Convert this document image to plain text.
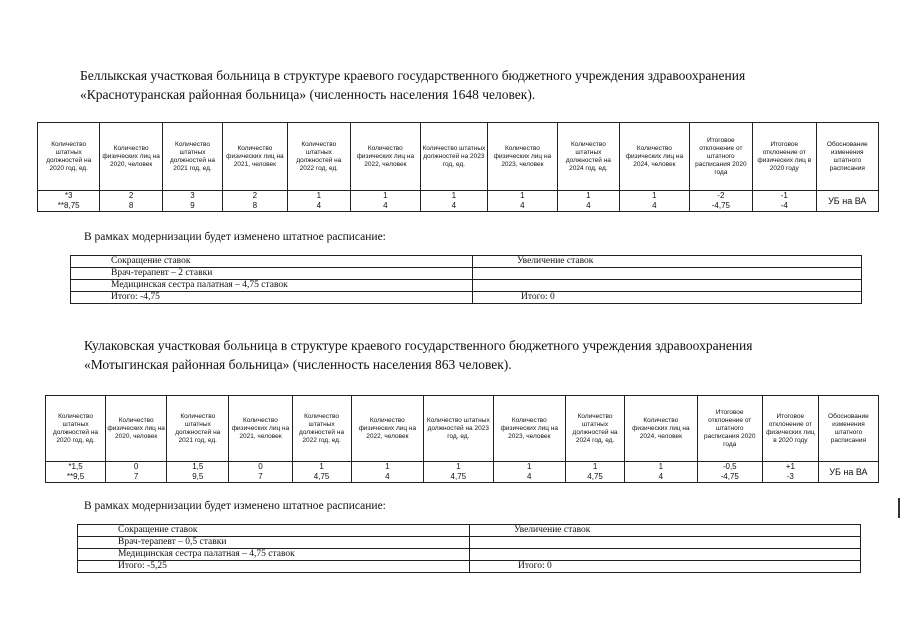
Беллыкская участковая больница в структуре краевого государственного бюджетного учреждения здравоохранения
«Краснотуранская районная больница» (численность населения 1648 человек).

Количество штатных должностей на 2020 год, ед.	Количество физических лиц на 2020, человек	Количество штатных должностей на 2021 год, ед.	Количество физических лиц на 2021, человек	Количество штатных должностей на 2022 год, ед.	Количество физических лиц на 2022, человек	Количество штатных должностей на 2023 год, ед.	Количество физических лиц на 2023, человек	Количество штатных должностей на 2024 год, ед.	Количество физических лиц на 2024, человек	Итоговое отклонение от штатного расписания 2020 года	Итоговое отклонение от физических лиц в 2020 году	Обоснование изменения штатного расписания
*3	2	3	2	1	1	1	1	1	1	-2	-1	УБ на ВА
**8,75	8	9	8	4	4	4	4	4	4	-4,75	-4	

В рамках модернизации будет изменено штатное расписание:

Сокращение ставок	Увеличение ставок
Врач-терапевт – 2 ставки	
Медицинская сестра палатная – 4,75 ставок	
Итого: -4,75	Итого: 0

Кулаковская участковая больница в структуре краевого государственного бюджетного учреждения здравоохранения
«Мотыгинская районная больница» (численность населения 863 человек).

Количество штатных должностей на 2020 год, ед.	Количество физических лиц на 2020, человек	Количество штатных должностей на 2021 год, ед.	Количество физических лиц на 2021, человек	Количество штатных должностей на 2022 год, ед.	Количество физических лиц на 2022, человек	Количество штатных должностей на 2023 год, ед.	Количество физических лиц на 2023, человек	Количество штатных должностей на 2024 год, ед.	Количество физических лиц на 2024, человек	Итоговое отклонение от штатного расписания 2020 года	Итоговое отклонение от физических лиц в 2020 году	Обоснование изменения штатного расписания
*1,5	0	1,5	0	1	1	1	1	1	1	-0,5	+1	УБ на ВА
**9,5	7	9,5	7	4,75	4	4,75	4	4,75	4	-4,75	-3	

В рамках модернизации будет изменено штатное расписание:

Сокращение ставок	Увеличение ставок
Врач-терапевт – 0,5 ставки	
Медицинская сестра палатная – 4,75 ставок	
Итого: -5,25	Итого: 0
